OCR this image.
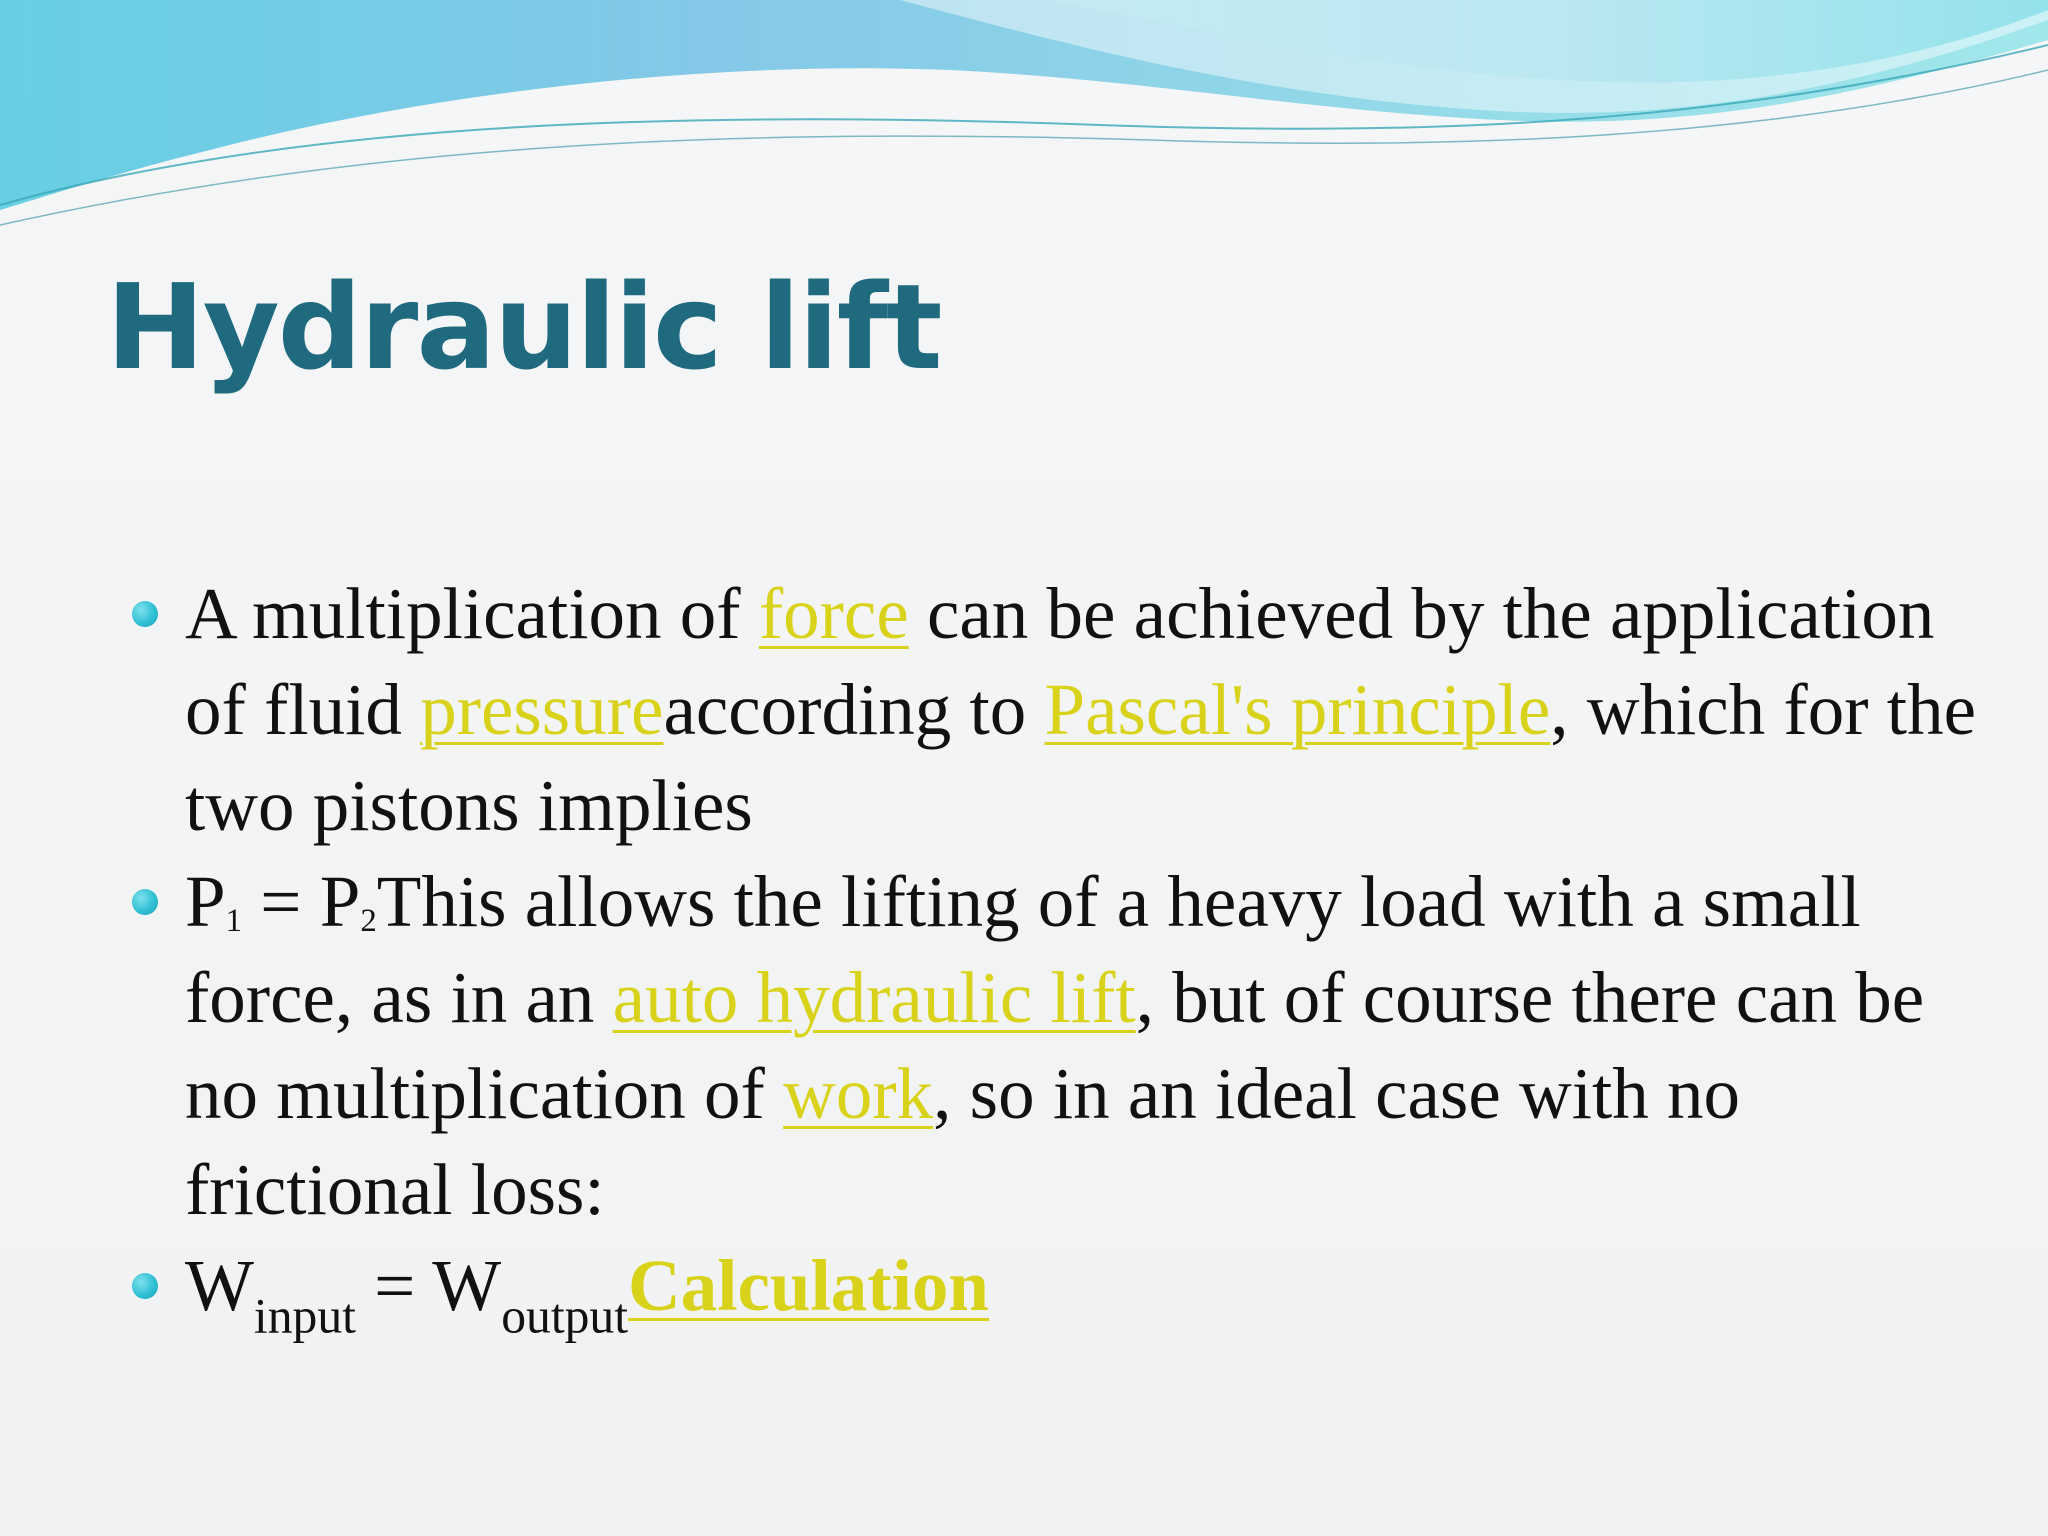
Hydraulic lift
A multiplication of force can be achieved by the application of fluid pressureaccording to Pascal's principle, which for the two pistons implies
P1 = P2This allows the lifting of a heavy load with a small force, as in an auto hydraulic lift, but of course there can be no multiplication of work, so in an ideal case with no frictional loss:
$W_{input}$ = $W_{output}Calculation$
